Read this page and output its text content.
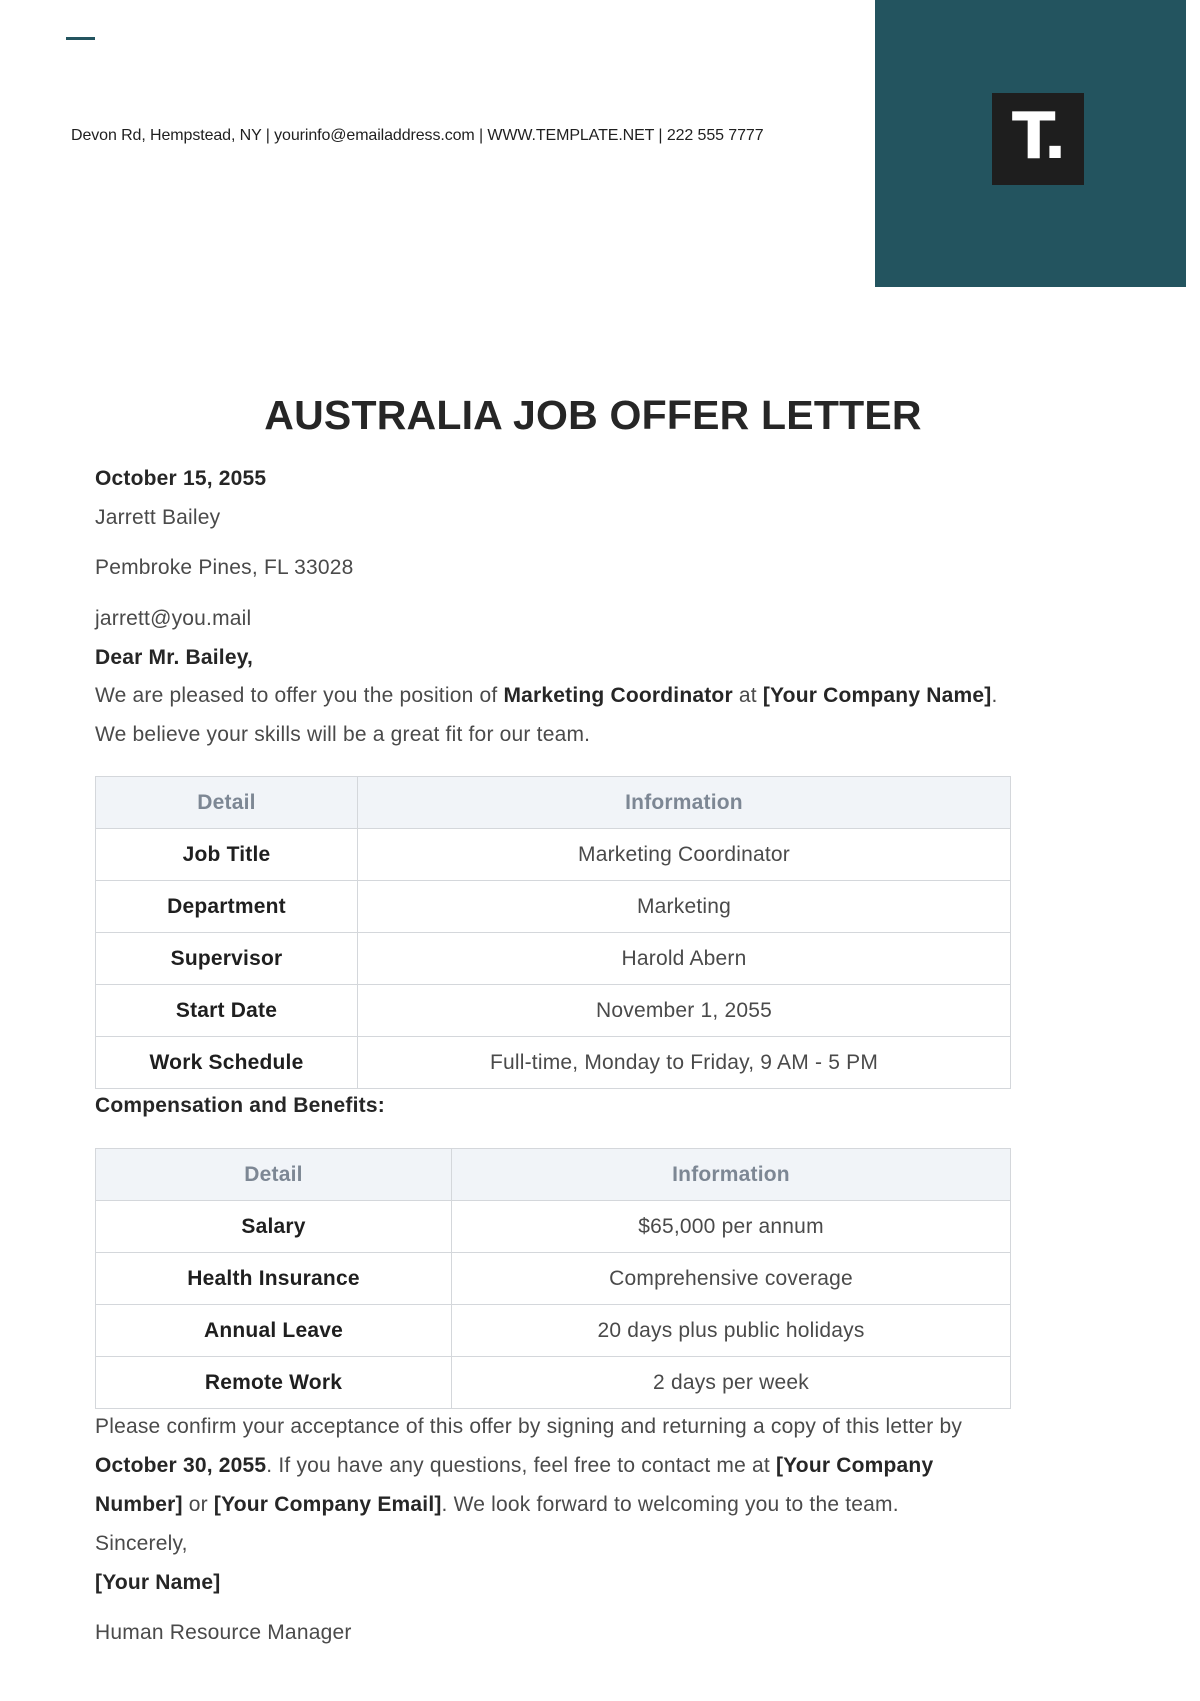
Devon Rd, Hempstead, NY | yourinfo@emailaddress.com | WWW.TEMPLATE.NET | 222 555 7777	T.
AUSTRALIA JOB OFFER LETTER
October 15, 2055
Jarrett Bailey
Pembroke Pines, FL 33028
jarrett@you.mail
Dear Mr. Bailey,
We are pleased to offer you the position of Marketing Coordinator at [Your Company Name].
We believe your skills will be a great fit for our team.
Detail	Information
Job Title	Marketing Coordinator
Department	Marketing
Supervisor	Harold Abern
Start Date	November 1, 2055
Work Schedule	Full-time, Monday to Friday, 9 AM - 5 PM
Compensation and Benefits:
Detail	Information
Salary	$65,000 per annum
Health Insurance	Comprehensive coverage
Annual Leave	20 days plus public holidays
Remote Work	2 days per week
Please confirm your acceptance of this offer by signing and returning a copy of this letter by
October 30, 2055. If you have any questions, feel free to contact me at [Your Company
Number] or [Your Company Email]. We look forward to welcoming you to the team.
Sincerely,
[Your Name]
Human Resource Manager
